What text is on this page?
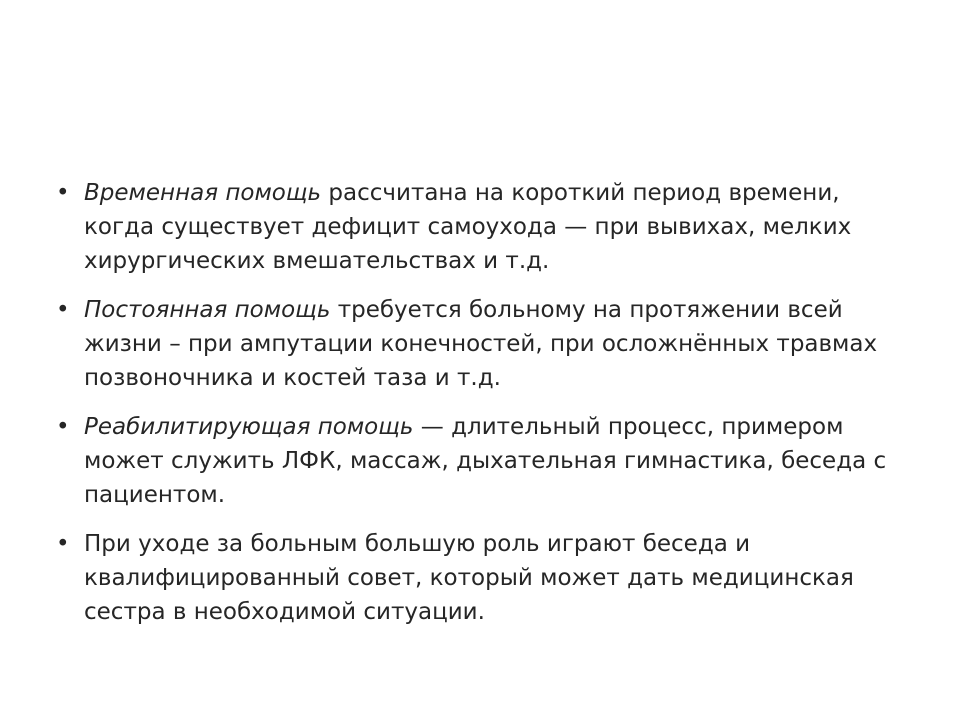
• Временная помощь рассчитана на короткий период времени, когда существует дефицит самоухода — при вывихах, мелких хирургических вмешательствах и т.д.
• Постоянная помощь требуется больному на протяжении всей жизни – при ампутации конечностей, при осложнённых травмах позвоночника и костей таза и т.д.
• Реабилитирующая помощь — длительный процесс, примером может служить ЛФК, массаж, дыхательная гимнастика, беседа с пациентом.
• При уходе за больным большую роль играют беседа и квалифицированный совет, который может дать медицинская сестра в необходимой ситуации.
